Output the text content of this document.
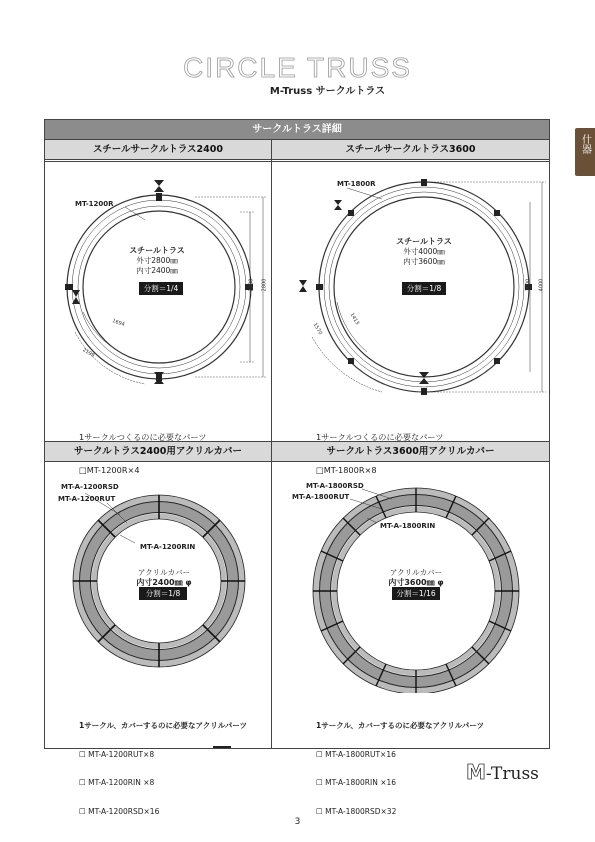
CIRCLE TRUSS
M-Truss サークルトラス
什器
サークルトラス詳細
スチールサークルトラス2400	スチールサークルトラス3600
サークルトラス2400用アクリルカバー	サークルトラス3600用アクリルカバー
MT-1200R
スチールトラス
外寸2800㎜
内寸2400㎜
分割＝1/4	2400 2800
1694
2199

1サークルつくるのに必要なパーツ

□MT-1200R×4

MT-1800R
スチールトラス
外寸4000㎜
内寸3600㎜
分割＝1/8	3600 4000
1413
1570

1サークルつくるのに必要なパーツ

□MT-1800R×8

MT-A-1200RSD
MT-A-1200RUT
MT-A-1200RIN
アクリルカバー
内寸2400㎜ φ
分割＝1/8

1サークル、カバーするのに必要なアクリルパーツ

☐ MT-A-1200RUT×8

☐ MT-A-1200RIN ×8

☐ MT-A-1200RSD×16

MT-A-1800RSD
MT-A-1800RUT
MT-A-1800RIN
アクリルカバー
内寸3600㎜ φ
分割＝1/16

1サークル、カバーするのに必要なアクリルパーツ

☐ MT-A-1800RUT×16

☐ MT-A-1800RIN ×16

☐ MT-A-1800RSD×32

M-Truss
3
